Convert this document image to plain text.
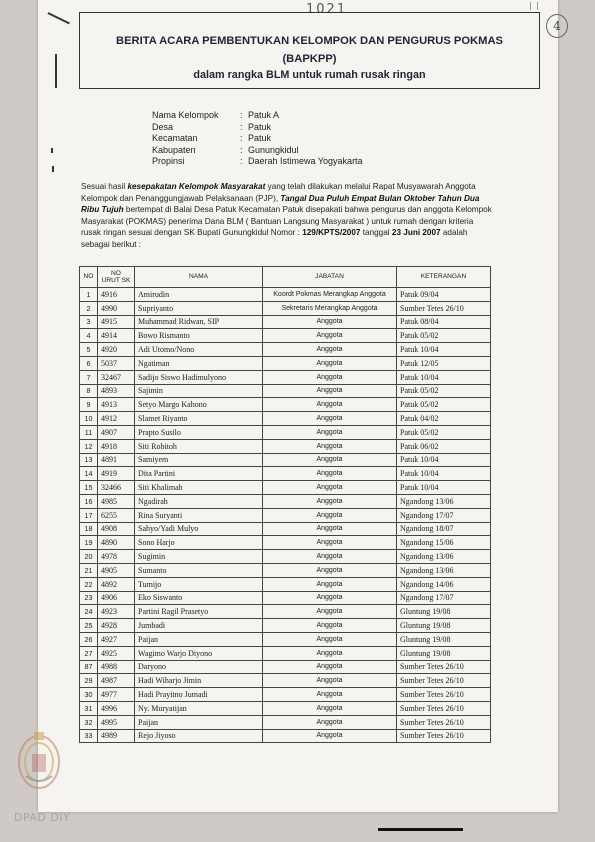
1021
4
BERITA ACARA PEMBENTUKAN KELOMPOK DAN PENGURUS POKMAS
(BAPKPP)
dalam rangka BLM untuk rumah rusak ringan
Nama Kelompok : Patuk A
Desa	: Patuk
Kecamatan	: Patuk
Kabupaten	: Gunungkidul
Propinsi	: Daerah Istimewa Yogyakarta
Sesuai hasil kesepakatan Kelompok Masyarakat yang telah dilakukan melalui Rapat Musyawarah Anggota Kelompok dan Penanggungjawab Pelaksanaan (PJP), Tangal Dua Puluh Empat Bulan Oktober Tahun Dua Ribu Tujuh bertempat di Balai Desa Patuk Kecamatan Patuk disepakati bahwa pengurus dan anggota Kelompok Masyarakat (POKMAS) penerima Dana BLM ( Bantuan Langsung Masyarakat ) untuk rumah dengan kriteria rusak ringan sesuai dengan SK Bupati Gunungkidul Nomor : 129/KPTS/2007 tanggal 23 Juni 2007 adalah sebagai berikut :
NO	NO URUT SK	NAMA	JABATAN	KETERANGAN
1	4916	Amirudin	Koordt Pokmas Merangkap Anggota	Patuk 09/04
2	4990	Supriyanto	Sekretaris Merangkap Anggota	Sumber Tetes 26/10
3	4915	Muhammad Ridwan, SIP	Anggota	Patuk 08/04
4	4914	Bowo Rismanto	Anggota	Patuk 05/02
5	4920	Adi Utomo/Nono	Anggota	Patuk 10/04
6	5037	Ngatiman	Anggota	Patuk 12/05
7	32467	Sadijo Siswo Hadimulyono	Anggota	Patuk 10/04
8	4893	Sajimin	Anggota	Patuk 05/02
9	4913	Setyo Margo Kahono	Anggota	Patuk 05/02
10	4912	Slamet Riyanto	Anggota	Patuk 04/02
11	4907	Prapto Susilo	Anggota	Patuk 05/02
12	4918	Siti Robitoh	Anggota	Patuk 06/02
13	4891	Samiyem	Anggota	Patuk 10/04
14	4919	Dita Partini	Anggota	Patuk 10/04
15	32466	Siti Khalimah	Anggota	Patuk 10/04
16	4985	Ngadirah	Anggota	Ngandong 13/06
17	6255	Rina Suryanti	Anggota	Ngandong 17/07
18	4908	Sahyo/Yadi Mulyo	Anggota	Ngandong 18/07
19	4890	Sono Harjo	Anggota	Ngandong 15/06
20	4978	Sugimin	Anggota	Ngandong 13/06
21	4905	Sumanto	Anggota	Ngandong 13/06
22	4892	Tumijo	Anggota	Ngandong 14/06
23	4906	Eko Siswanto	Anggota	Ngandong 17/07
24	4923	Partini Ragil Prasetyo	Anggota	Gluntung 19/08
25	4928	Jumbadi	Anggota	Gluntung 19/08
26	4927	Paijan	Anggota	Gluntung 19/08
27	4925	Wagimo Warjo Diyono	Anggota	Gluntung 19/08
87	4988	Daryono	Anggota	Sumber Tetes 26/10
29	4987	Hadi Wiharjo Jimin	Anggota	Sumber Tetes 26/10
30	4977	Hadi Prayitno Jumadi	Anggota	Sumber Tetes 26/10
31	4996	Ny. Muryatijan	Anggota	Sumber Tetes 26/10
32	4995	Paijan	Anggota	Sumber Tetes 26/10
33	4989	Rejo Jiyoso	Anggota	Sumber Tetes 26/10
DPAD DIY
